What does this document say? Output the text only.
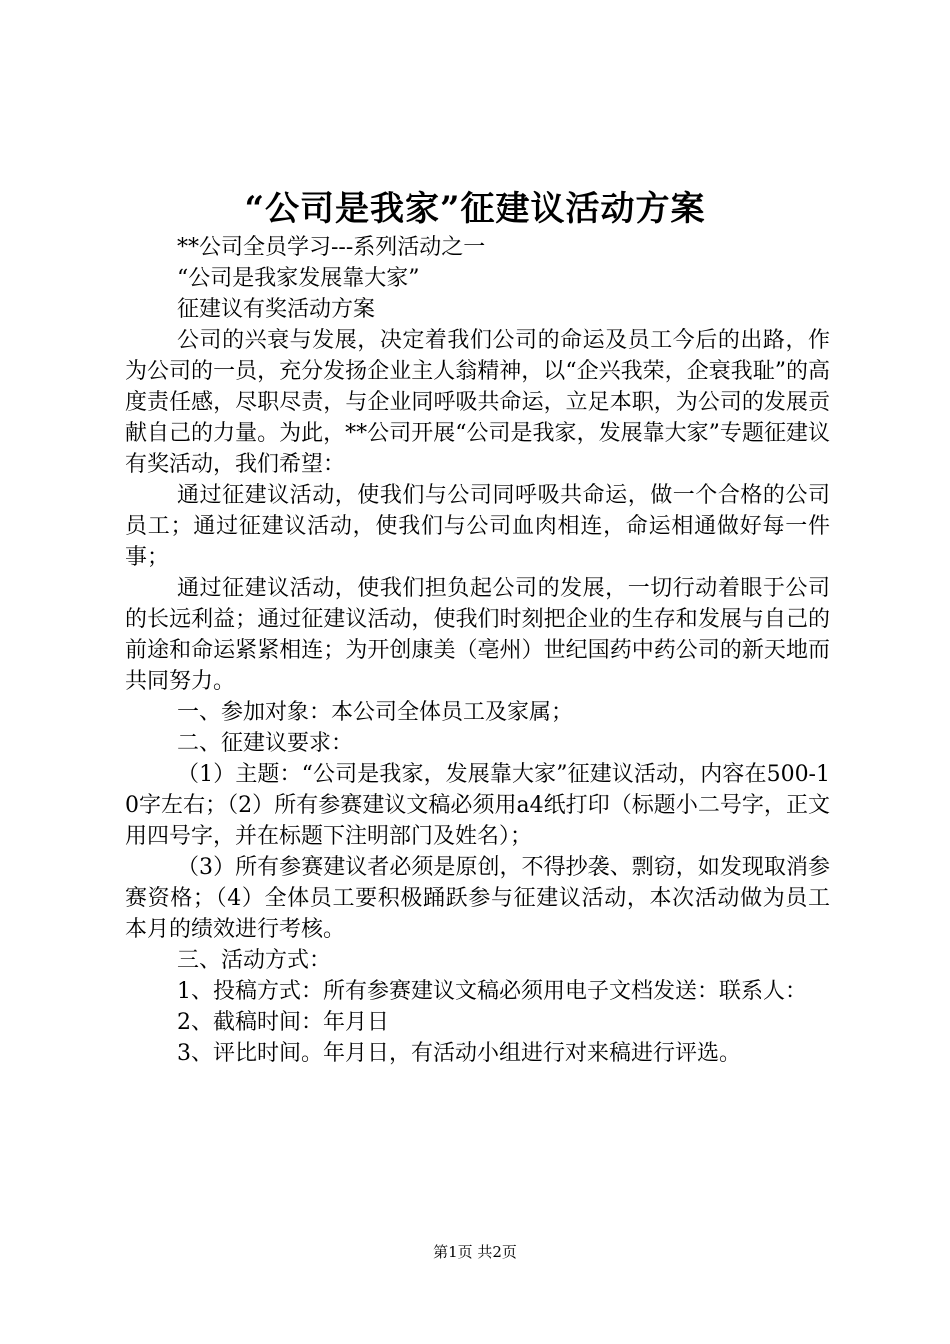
“公司是我家”征建议活动方案

**公司全员学习---系列活动之一

“公司是我家发展靠大家”

征建议有奖活动方案

公司的兴衰与发展，决定着我们公司的命运及员工今后的出路，作为公司的一员，充分发扬企业主人翁精神，以“企兴我荣，企衰我耻”的高度责任感，尽职尽责，与企业同呼吸共命运，立足本职，为公司的发展贡献自己的力量。为此，**公司开展“公司是我家，发展靠大家”专题征建议有奖活动，我们希望：

通过征建议活动，使我们与公司同呼吸共命运，做一个合格的公司员工；通过征建议活动，使我们与公司血肉相连，命运相通做好每一件事；

通过征建议活动，使我们担负起公司的发展，一切行动着眼于公司的长远利益；通过征建议活动，使我们时刻把企业的生存和发展与自己的前途和命运紧紧相连；为开创康美（亳州）世纪国药中药公司的新天地而共同努力。

一、参加对象：本公司全体员工及家属；

二、征建议要求：

（1）主题：“公司是我家，发展靠大家”征建议活动，内容在500-10字左右；（2）所有参赛建议文稿必须用a4纸打印（标题小二号字，正文用四号字，并在标题下注明部门及姓名）；

（3）所有参赛建议者必须是原创，不得抄袭、剽窃，如发现取消参赛资格；（4）全体员工要积极踊跃参与征建议活动，本次活动做为员工本月的绩效进行考核。

三、活动方式：

1、投稿方式：所有参赛建议文稿必须用电子文档发送：联系人：

2、截稿时间：年月日

3、评比时间。年月日，有活动小组进行对来稿进行评选。

第1页 共2页
